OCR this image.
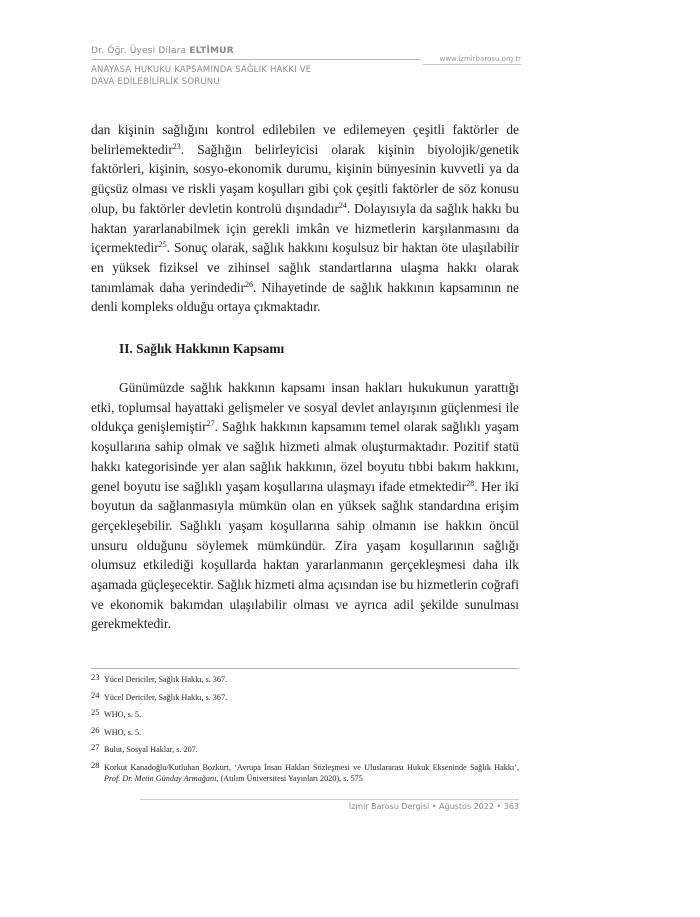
Dr. Öğr. Üyesi Dilara ELTİMUR
www.izmirbarosu.org.tr
ANAYASA HUKUKU KAPSAMINDA SAĞLIK HAKKI VE
DAVA EDİLEBİLİRLİK SORUNU

dan kişinin sağlığını kontrol edilebilen ve edilemeyen çeşitli faktörler de belirlemektedir$^{23}$. Sağlığın belirleyicisi olarak kişinin biyolojik/genetik faktörleri, kişinin, sosyo-ekonomik durumu, kişinin bünyesinin kuvvetli ya da güçsüz olması ve riskli yaşam koşulları gibi çok çeşitli faktörler de söz konusu olup, bu faktörler devletin kontrolü dışındadır$^{24}$. Dolayısıyla da sağlık hakkı bu haktan yararlanabilmek için gerekli imkân ve hizmetlerin karşılanmasını da içermektedir$^{25}$. Sonuç olarak, sağlık hakkını koşulsuz bir haktan öte ulaşılabilir en yüksek fiziksel ve zihinsel sağlık standartlarına ulaşma hakkı olarak tanımlamak daha yerindedir$^{26}$. Nihayetinde de sağlık hakkının kapsamının ne denli kompleks olduğu ortaya çıkmaktadır.

II. Sağlık Hakkının Kapsamı

Günümüzde sağlık hakkının kapsamı insan hakları hukukunun yarattığı etki, toplumsal hayattaki gelişmeler ve sosyal devlet anlayışının güçlenmesi ile oldukça genişlemiştir$^{27}$. Sağlık hakkının kapsamını temel olarak sağlıklı yaşam koşullarına sahip olmak ve sağlık hizmeti almak oluşturmaktadır. Pozitif statü hakkı kategorisinde yer alan sağlık hakkının, özel boyutu tıbbi bakım hakkını, genel boyutu ise sağlıklı yaşam koşullarına ulaşmayı ifade etmektedir$^{28}$. Her iki boyutun da sağlanmasıyla mümkün olan en yüksek sağlık standardına erişim gerçekleşebilir. Sağlıklı yaşam koşullarına sahip olmanın ise hakkın öncül unsuru olduğunu söylemek mümkündür. Zira yaşam koşullarının sağlığı olumsuz etkilediği koşullarda haktan yararlanmanın gerçekleşmesi daha ilk aşamada güçleşecektir. Sağlık hizmeti alma açısından ise bu hizmetlerin coğrafi ve ekonomik bakımdan ulaşılabilir olması ve ayrıca adil şekilde sunulması gerekmektedir.

23 Yücel Dericiler, Sağlık Hakkı, s. 367.
24 Yücel Dericiler, Sağlık Hakkı, s. 367.
25 WHO, s. 5.
26 WHO, s. 5.
27 Bulut, Sosyal Haklar, s. 207.
28 Korkut Kanadoğlu/Kutluhan Bozkurt, ‘Avrupa İnsan Hakları Sözleşmesi ve Uluslararası Hukuk Ekseninde Sağlık Hakkı’, Prof. Dr. Metin Günday Armağanı, (Atılım Üniversitesi Yayınları 2020), s. 575
İzmir Barosu Dergisi • Ağustos 2022 • 363
